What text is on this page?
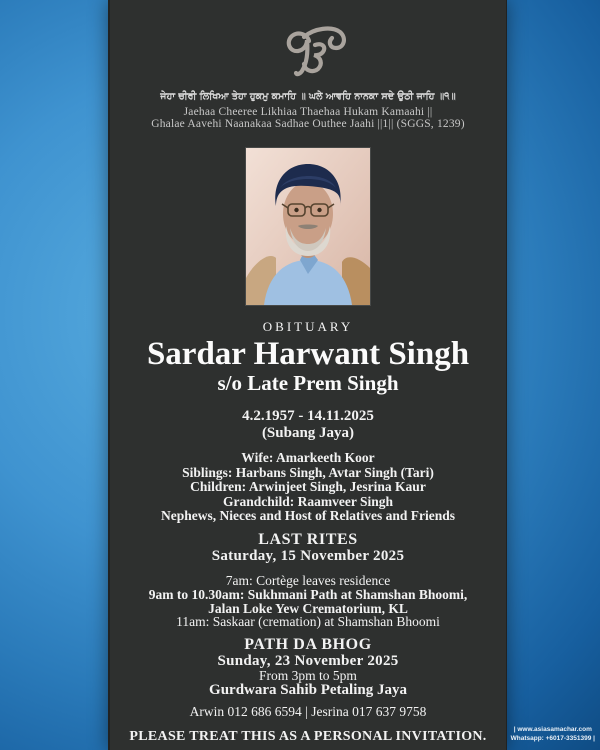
ਜੇਹਾ ਚੀਰੀ ਲਿਖਿਆ ਤੇਹਾ ਹੁਕਮੁ ਕਮਾਹਿ ॥ ਘਲੇ ਆਵਹਿ ਨਾਨਕਾ ਸਦੇ ਉਠੀ ਜਾਹਿ ॥੧॥
Jaehaa Cheeree Likhiaa Thaehaa Hukam Kamaahi ||
Ghalae Aavehi Naanakaa Sadhae Outhee Jaahi ||1|| (SGGS, 1239)
OBITUARY
Sardar Harwant Singh
s/o Late Prem Singh
4.2.1957 - 14.11.2025
(Subang Jaya)
Wife: Amarkeeth Koor
Siblings: Harbans Singh, Avtar Singh (Tari)
Children: Arwinjeet Singh, Jesrina Kaur
Grandchild: Raamveer Singh
Nephews, Nieces and Host of Relatives and Friends
LAST RITES
Saturday, 15 November 2025
7am: Cortège leaves residence
9am to 10.30am: Sukhmani Path at Shamshan Bhoomi,
Jalan Loke Yew Crematorium, KL
11am: Saskaar (cremation) at Shamshan Bhoomi
PATH DA BHOG
Sunday, 23 November 2025
From 3pm to 5pm
Gurdwara Sahib Petaling Jaya
Arwin 012 686 6594 | Jesrina 017 637 9758
PLEASE TREAT THIS AS A PERSONAL INVITATION.	| www.asiasamachar.com
Whatsapp: +6017-3351399 |
